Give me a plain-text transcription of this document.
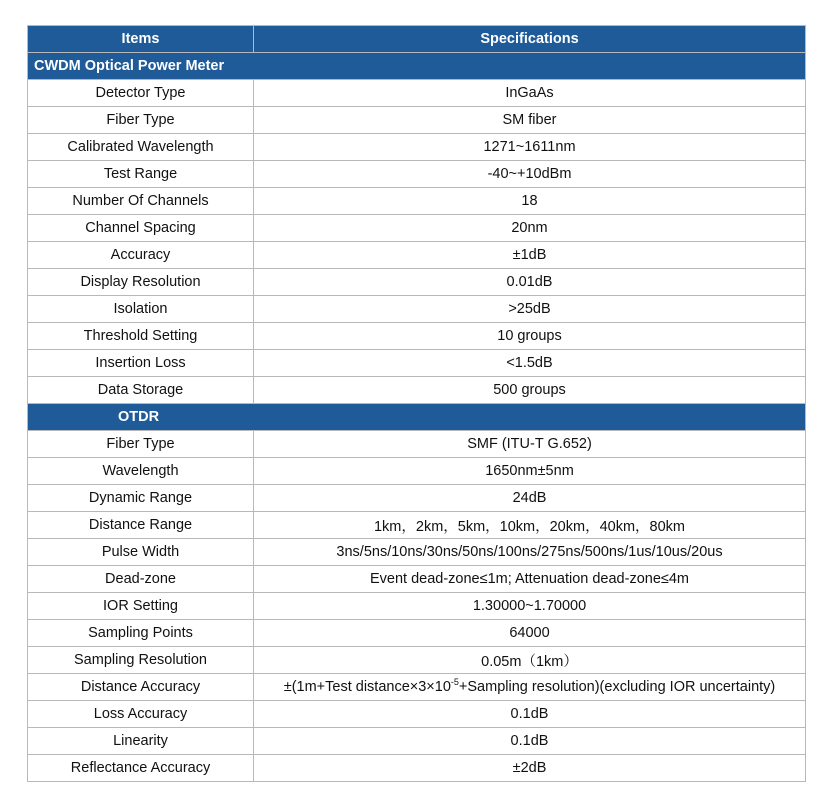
Items	Specifications
CWDM Optical Power Meter	
Detector Type	InGaAs
Fiber Type	SM fiber
Calibrated Wavelength	1271~1611nm
Test Range	-40~+10dBm
Number Of Channels	18
Channel Spacing	20nm
Accuracy	±1dB
Display Resolution	0.01dB
Isolation	>25dB
Threshold Setting	10 groups
Insertion Loss	<1.5dB
Data Storage	500 groups
OTDR	
Fiber Type	SMF (ITU-T G.652)
Wavelength	1650nm±5nm
Dynamic Range	24dB
Distance Range	1km，2km，5km，10km，20km，40km，80km
Pulse Width	3ns/5ns/10ns/30ns/50ns/100ns/275ns/500ns/1us/10us/20us
Dead-zone	Event dead-zone≤1m; Attenuation dead-zone≤4m
IOR Setting	1.30000~1.70000
Sampling Points	64000
Sampling Resolution	0.05m（1km）
Distance Accuracy	±(1m+Test $distance\times 3\times 10^{-5}+Sampling$ resolution)(excluding IOR uncertainty)
Loss Accuracy	0.1dB
Linearity	0.1dB
Reflectance Accuracy	±2dB
